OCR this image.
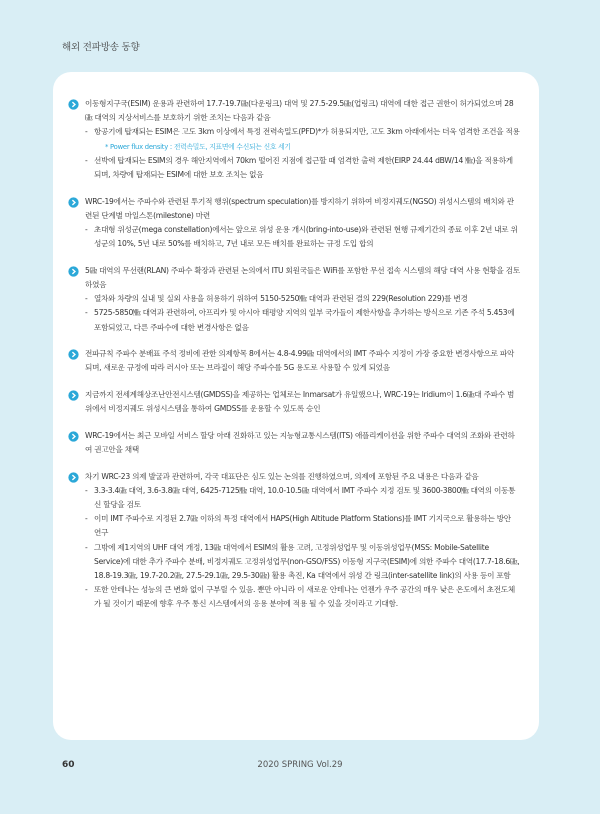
해외 전파방송 동향
이동형지구국(ESIM) 운용과 관련하여 17.7-19.7㎓(다운링크) 대역 및 27.5-29.5㎓(업링크) 대역에 대한 접근 권한이 허가되었으며 28㎓ 대역의 지상서비스를 보호하기 위한 조치는 다음과 같음
- 항공기에 탑재되는 ESIM은 고도 3km 이상에서 특정 전력속밀도(PFD)*가 허용되지만, 고도 3km 아래에서는 더욱 엄격한 조건을 적용
* Power flux density : 전력속밀도, 지표면에 수신되는 신호 세기
- 선박에 탑재되는 ESIM의 경우 해안지역에서 70km 떨어진 지점에 접근할 때 엄격한 출력 제한(EIRP 24.44 dBW/14 ㎒)을 적용하게 되며, 차량에 탑재되는 ESIM에 대한 보호 조치는 없음
WRC-19에서는 주파수와 관련된 투기적 행위(spectrum speculation)를 방지하기 위하여 비정지궤도(NGSO) 위성시스템의 배치와 관련된 단계별 마일스톤(milestone) 마련
- 초대형 위성군(mega constellation)에서는 앞으로 위성 운용 개시(bring-into-use)와 관련된 현행 규제기간의 종료 이후 2년 내로 위성군의 10%, 5년 내로 50%를 배치하고, 7년 내로 모든 배치를 완료하는 규정 도입 합의
5㎓ 대역의 무선랜(RLAN) 주파수 확장과 관련된 논의에서 ITU 회원국들은 WiFi를 포함한 무선 접속 시스템의 해당 대역 사용 현황을 검토하였음
- 열차와 차량의 실내 및 실외 사용을 허용하기 위하여 5150-5250㎒ 대역과 관련된 결의 229(Resolution 229)를 변경
- 5725-5850㎒ 대역과 관련하여, 아프리카 및 아시아 태평양 지역의 일부 국가들이 제한사항을 추가하는 방식으로 기존 주석 5.453에 포함되었고, 다른 주파수에 대한 변경사항은 없음
전파규칙 주파수 분배표 주석 정비에 관한 의제항목 8에서는 4.8-4.99㎓ 대역에서의 IMT 주파수 지정이 가장 중요한 변경사항으로 파악되며, 새로운 규정에 따라 러시아 또는 브라질이 해당 주파수를 5G 용도로 사용할 수 있게 되었음
지금까지 전세계해상조난안전시스템(GMDSS)을 제공하는 업체로는 Inmarsat가 유일했으나, WRC-19는 Iridium이 1.6㎓대 주파수 범위에서 비정지궤도 위성시스템을 통하여 GMDSS를 운용할 수 있도록 승인
WRC-19에서는 최근 모바일 서비스 할당 아래 진화하고 있는 지능형교통시스템(ITS) 애플리케이션을 위한 주파수 대역의 조화와 관련하여 권고안을 채택
차기 WRC-23 의제 발굴과 관련하여, 각국 대표단은 심도 있는 논의를 진행하였으며, 의제에 포함된 주요 내용은 다음과 같음
- 3.3-3.4㎓ 대역, 3.6-3.8㎓ 대역, 6425-7125㎒ 대역, 10.0-10.5㎓ 대역에서 IMT 주파수 지정 검토 및 3600-3800㎒ 대역의 이동통신 할당을 검토
- 이미 IMT 주파수로 지정된 2.7㎓ 이하의 특정 대역에서 HAPS(High Altitude Platform Stations)를 IMT 기지국으로 활용하는 방안 연구
- 그밖에 제1지역의 UHF 대역 개정, 13㎓ 대역에서 ESIM의 활용 고려, 고정위성업무 및 이동위성업무(MSS: Mobile-Satellite Service)에 대한 추가 주파수 분배, 비정지궤도 고정위성업무(non-GSO/FSS) 이동형 지구국(ESIM)에 의한 주파수 대역(17.7-18.6㎓, 18.8-19.3㎓, 19.7-20.2㎓, 27.5-29.1㎓, 29.5-30㎓) 활용 촉진, Ka 대역에서 위성 간 링크(inter-satellite link)의 사용 등이 포함
- 또한 안테나는 성능의 큰 변화 없이 구부릴 수 있음. 뿐만 아니라 이 새로운 안테나는 언젠가 우주 공간의 매우 낮은 온도에서 초전도체가 될 것이기 때문에 향후 우주 통신 시스템에서의 응용 분야에 적용 될 수 있을 것이라고 기대함.
60	2020 SPRING Vol.29
